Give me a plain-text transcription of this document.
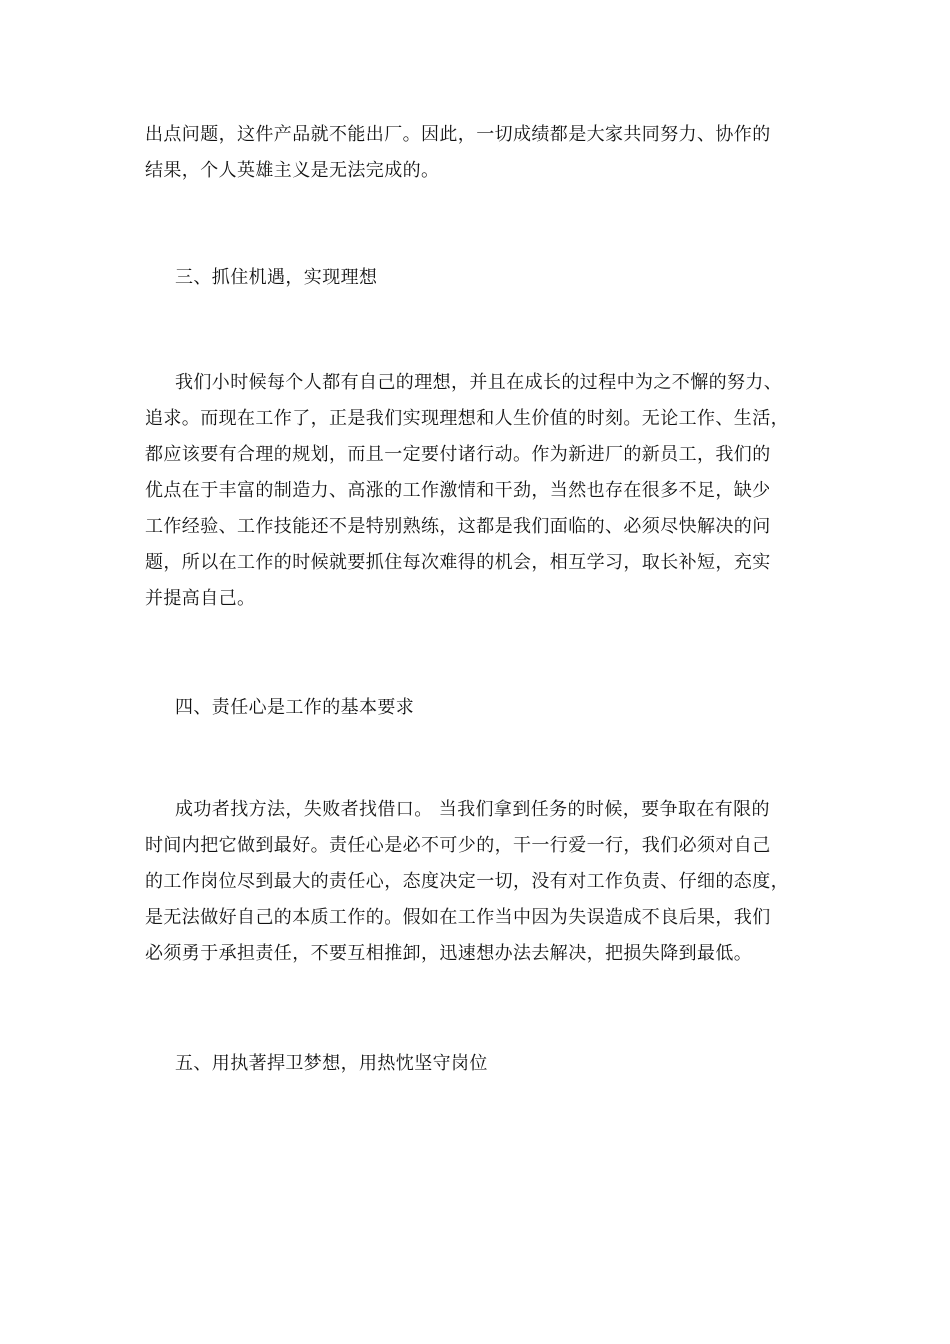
出点问题，这件产品就不能出厂。因此，一切成绩都是大家共同努力、协作的
结果，个人英雄主义是无法完成的。
三、抓住机遇，实现理想
我们小时候每个人都有自己的理想，并且在成长的过程中为之不懈的努力、
追求。而现在工作了，正是我们实现理想和人生价值的时刻。无论工作、生活，
都应该要有合理的规划，而且一定要付诸行动。作为新进厂的新员工，我们的
优点在于丰富的制造力、高涨的工作激情和干劲，当然也存在很多不足，缺少
工作经验、工作技能还不是特别熟练，这都是我们面临的、必须尽快解决的问
题，所以在工作的时候就要抓住每次难得的机会，相互学习，取长补短，充实
并提高自己。
四、责任心是工作的基本要求
成功者找方法，失败者找借口。 当我们拿到任务的时候，要争取在有限的
时间内把它做到最好。责任心是必不可少的，干一行爱一行，我们必须对自己
的工作岗位尽到最大的责任心，态度决定一切，没有对工作负责、仔细的态度，
是无法做好自己的本质工作的。假如在工作当中因为失误造成不良后果，我们
必须勇于承担责任，不要互相推卸，迅速想办法去解决，把损失降到最低。
五、用执著捍卫梦想，用热忱坚守岗位
